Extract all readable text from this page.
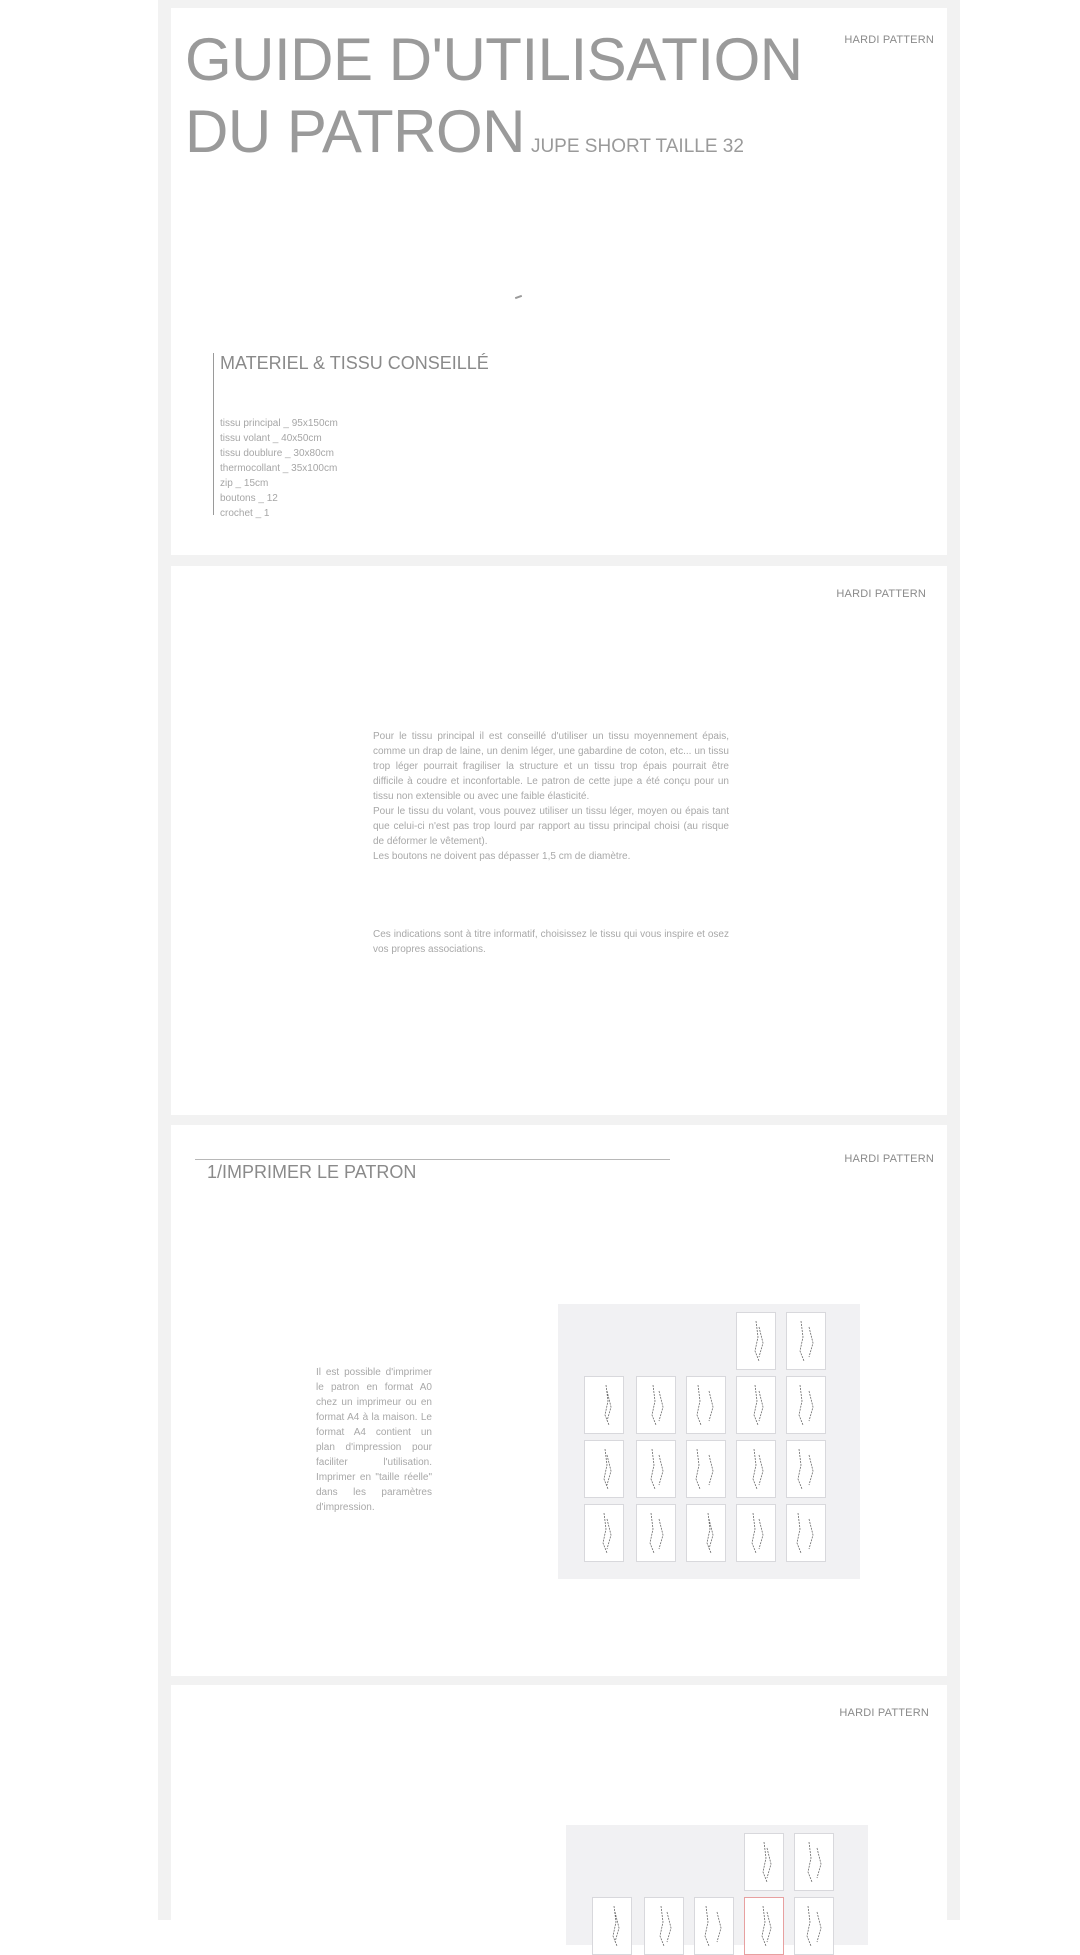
HARDI PATTERN
GUIDE D'UTILISATION
DU PATRON JUPE SHORT TAILLE 32
MATERIEL & TISSU CONSEILLÉ
tissu principal _ 95x150cm
tissu volant _ 40x50cm
tissu doublure _ 30x80cm
thermocollant _ 35x100cm
zip _ 15cm
boutons _ 12
crochet _ 1
HARDI PATTERN
Pour le tissu principal il est conseillé d'utiliser un tissu moyennement épais, comme un drap de laine, un denim léger, une gabardine de coton, etc... un tissu trop léger pourrait fragiliser la structure et un tissu trop épais pourrait être difficile à coudre et inconfortable. Le patron de cette jupe a été conçu pour un tissu non extensible ou avec une faible élasticité.
Pour le tissu du volant, vous pouvez utiliser un tissu léger, moyen ou épais tant que celui-ci n'est pas trop lourd par rapport au tissu principal choisi (au risque de déformer le vêtement).
Les boutons ne doivent pas dépasser 1,5 cm de diamètre.

Ces indications sont à titre informatif, choisissez le tissu qui vous inspire et osez vos propres associations.

1/IMPRIMER LE PATRON
HARDI PATTERN

Il est possible d'imprimer le patron en format A0 chez un imprimeur ou en format A4 à la maison. Le format A4 contient un plan d'impression pour faciliter l'utilisation. Imprimer en "taille réelle" dans les paramètres d'impression.

HARDI PATTERN
